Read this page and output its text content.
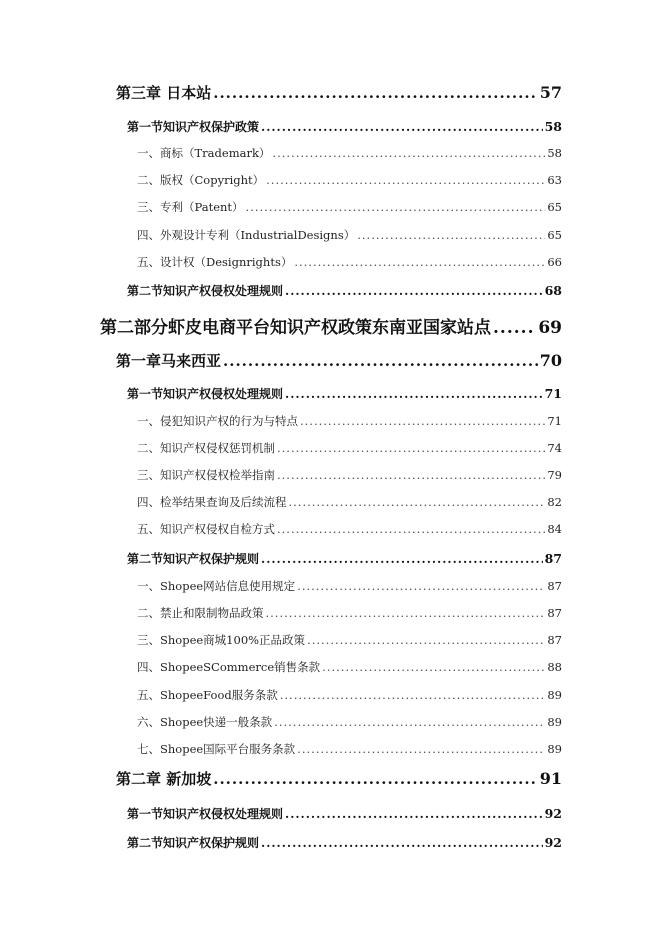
第三章 日本站 .....	57
第一节知识产权保护政策 .....	58
一、商标（Trademark） .....	58
二、版权（Copyright） .....	63
三、专利（Patent） .....	65
四、外观设计专利（IndustrialDesigns） .....	65
五、设计权（Designrights） .....	66
第二节知识产权侵权处理规则 .....	68
第二部分虾皮电商平台知识产权政策东南亚国家站点 .....	69
第一章马来西亚 .....	70
第一节知识产权侵权处理规则 .....	71
一、侵犯知识产权的行为与特点 .....	71
二、知识产权侵权惩罚机制 .....	74
三、知识产权侵权检举指南 .....	79
四、检举结果查询及后续流程 .....	82
五、知识产权侵权自检方式 .....	84
第二节知识产权保护规则 .....	87
一、Shopee网站信息使用规定 .....	87
二、禁止和限制物品政策 .....	87
三、Shopee商城100%正品政策 .....	87
四、ShopeeSCommerce销售条款 .....	88
五、ShopeeFood服务条款 .....	89
六、Shopee快递一般条款 .....	89
七、Shopee国际平台服务条款 .....	89
第二章 新加坡 .....	91
第一节知识产权侵权处理规则 .....	92
第二节知识产权保护规则 .....	92
